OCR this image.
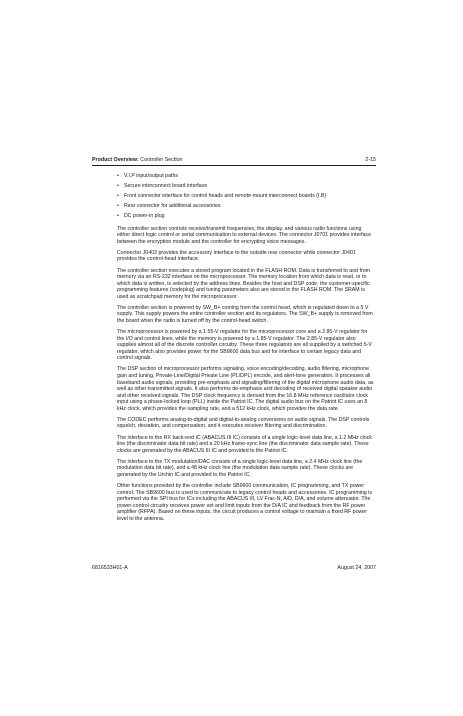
Product Overview: Controller Section	2-15
• V.I.P input/output paths
• Secure interconnect board interface
• Front connector interface for control heads and remote-mount interconnect boards (I.B)
• Rear connector for additional accessories
• DC power-in plug

The controller section controls receive/transmit frequencies, the display, and various radio functions using either direct logic control or serial communication to external devices. The connector J0701 provides interface between the encryption module and the controller for encrypting voice messages.

Connector J0402 provides the accessory interface to the outside rear connector while connector J0401 provides the control-head interface.

The controller section executes a stored program located in the FLASH ROM. Data is transferred to and from memory via an RS-232 interface on the microprocessor. The memory location from which data is read, or to which data is written, is selected by the address lines. Besides the host and DSP code, the customer-specific programming features (codeplug) and tuning parameters also are stored in the FLASH ROM. The SRAM is used as scratchpad memory for the microprocessor.

The controller section is powered by SW_B+ coming from the control head, which is regulated down to a 5 V supply. This supply powers the entire controller section and its regulators. The SW_B+ supply is removed from the board when the radio is turned off by the control-head switch.

The microprocessor is powered by a 1.55-V regulator for the microprocessor core and a 2.85-V regulator for the I/O and control lines, while the memory is powered by a 1.85-V regulator. The 2.85-V regulator also supplies almost all of the discrete controller circuitry. These three regulators are all supplied by a switched 5-V regulator, which also provides power for the SB9600 data bus and for interface to certain legacy data and control signals.

The DSP section of microprocessor performs signaling, voice encoding/decoding, audio filtering, microphone gain and tuning, Private-Line/Digital Private Line (PL/DPL) encode, and alert-tone generation. It processes all baseband audio signals, providing pre-emphasis and signaling/filtering of the digital microphone audio data, as well as other transmitted signals. It also performs de-emphasis and decoding of received digital speaker audio and other received signals. The DSP clock frequency is derived from the 16.8 MHz reference oscillator clock input using a phase-locked loop (PLL) inside the Patriot IC. The digital audio bus on the Patriot IC uses an 8 kHz clock, which provides the sampling rate, and a 512 kHz clock, which provides the data rate.

The CODEC performs analog-to-digital and digital-to-analog conversions on audio signals. The DSP controls squelch, deviation, and compensation, and it executes receiver filtering and discrimination.

The interface to the RX back-end IC (ABACUS III IC) consists of a single logic-level data line, a 1.2 MHz clock line (the discriminator data bit rate) and a 20 kHz frame-sync line (the discriminator data sample rate). These clocks are generated by the ABACUS III IC and provided to the Patriot IC.

The interface to the TX modulation/DAC consists of a single logic-level data line, a 2.4 MHz clock line (the modulation data bit rate), and a 48 kHz clock line (the modulation data sample rate). These clocks are generated by the Urchin IC and provided to the Patriot IC.

Other functions provided by the controller include SB9600 communication, IC programming, and TX power control. The SB9600 bus is used to communicate to legacy control heads and accessories. IC programming is performed via the SPI bus for ICs including the ABACUS III, LV Frac-N, A/D, D/A, and volume attenuator. The power-control circuitry receives power set and limit inputs from the D/A IC and feedback from the RF power amplifier (RFPA). Based on these inputs, the circuit produces a control voltage to maintain a fixed RF power level to the antenna.

6816533H01-A	August 24, 2007
